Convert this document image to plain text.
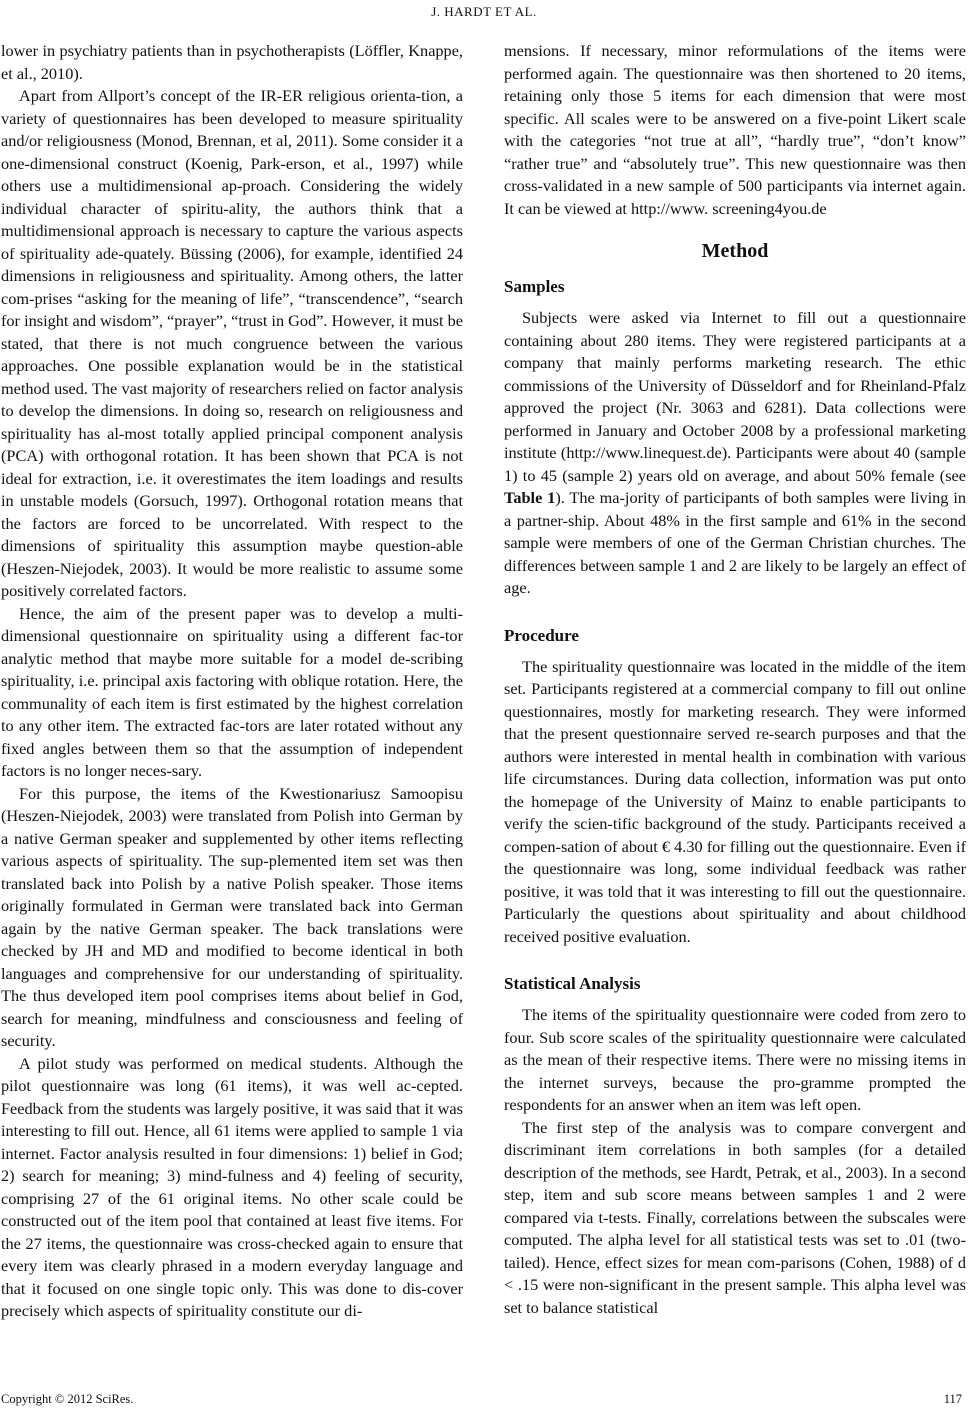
J. HARDT ET AL.

lower in psychiatry patients than in psychotherapists (Löffler, Knappe, et al., 2010).

Apart from Allport’s concept of the IR-ER religious orienta-tion, a variety of questionnaires has been developed to measure spirituality and/or religiousness (Monod, Brennan, et al, 2011). Some consider it a one-dimensional construct (Koenig, Park-erson, et al., 1997) while others use a multidimensional ap-proach. Considering the widely individual character of spiritu-ality, the authors think that a multidimensional approach is necessary to capture the various aspects of spirituality ade-quately. Büssing (2006), for example, identified 24 dimensions in religiousness and spirituality. Among others, the latter com-prises “asking for the meaning of life”, “transcendence”, “search for insight and wisdom”, “prayer”, “trust in God”. However, it must be stated, that there is not much congruence between the various approaches. One possible explanation would be in the statistical method used. The vast majority of researchers relied on factor analysis to develop the dimensions. In doing so, research on religiousness and spirituality has al-most totally applied principal component analysis (PCA) with orthogonal rotation. It has been shown that PCA is not ideal for extraction, i.e. it overestimates the item loadings and results in unstable models (Gorsuch, 1997). Orthogonal rotation means that the factors are forced to be uncorrelated. With respect to the dimensions of spirituality this assumption maybe question-able (Heszen-Niejodek, 2003). It would be more realistic to assume some positively correlated factors.

Hence, the aim of the present paper was to develop a multi-dimensional questionnaire on spirituality using a different fac-tor analytic method that maybe more suitable for a model de-scribing spirituality, i.e. principal axis factoring with oblique rotation. Here, the communality of each item is first estimated by the highest correlation to any other item. The extracted fac-tors are later rotated without any fixed angles between them so that the assumption of independent factors is no longer neces-sary.

For this purpose, the items of the Kwestionariusz Samoopisu (Heszen-Niejodek, 2003) were translated from Polish into German by a native German speaker and supplemented by other items reflecting various aspects of spirituality. The sup-plemented item set was then translated back into Polish by a native Polish speaker. Those items originally formulated in German were translated back into German again by the native German speaker. The back translations were checked by JH and MD and modified to become identical in both languages and comprehensive for our understanding of spirituality. The thus developed item pool comprises items about belief in God, search for meaning, mindfulness and consciousness and feeling of security.

A pilot study was performed on medical students. Although the pilot questionnaire was long (61 items), it was well ac-cepted. Feedback from the students was largely positive, it was said that it was interesting to fill out. Hence, all 61 items were applied to sample 1 via internet. Factor analysis resulted in four dimensions: 1) belief in God; 2) search for meaning; 3) mind-fulness and 4) feeling of security, comprising 27 of the 61 original items. No other scale could be constructed out of the item pool that contained at least five items. For the 27 items, the questionnaire was cross-checked again to ensure that every item was clearly phrased in a modern everyday language and that it focused on one single topic only. This was done to dis-cover precisely which aspects of spirituality constitute our di-

mensions. If necessary, minor reformulations of the items were performed again. The questionnaire was then shortened to 20 items, retaining only those 5 items for each dimension that were most specific. All scales were to be answered on a five-point Likert scale with the categories “not true at all”, “hardly true”, “don’t know” “rather true” and “absolutely true”. This new questionnaire was then cross-validated in a new sample of 500 participants via internet again. It can be viewed at http://www. screening4you.de

Method
Samples

Subjects were asked via Internet to fill out a questionnaire containing about 280 items. They were registered participants at a company that mainly performs marketing research. The ethic commissions of the University of Düsseldorf and for Rheinland-Pfalz approved the project (Nr. 3063 and 6281). Data collections were performed in January and October 2008 by a professional marketing institute (http://www.linequest.de). Participants were about 40 (sample 1) to 45 (sample 2) years old on average, and about 50% female (see Table 1). The ma-jority of participants of both samples were living in a partner-ship. About 48% in the first sample and 61% in the second sample were members of one of the German Christian churches. The differences between sample 1 and 2 are likely to be largely an effect of age.

Procedure

The spirituality questionnaire was located in the middle of the item set. Participants registered at a commercial company to fill out online questionnaires, mostly for marketing research. They were informed that the present questionnaire served re-search purposes and that the authors were interested in mental health in combination with various life circumstances. During data collection, information was put onto the homepage of the University of Mainz to enable participants to verify the scien-tific background of the study. Participants received a compen-sation of about € 4.30 for filling out the questionnaire. Even if the questionnaire was long, some individual feedback was rather positive, it was told that it was interesting to fill out the questionnaire. Particularly the questions about spirituality and about childhood received positive evaluation.

Statistical Analysis

The items of the spirituality questionnaire were coded from zero to four. Sub score scales of the spirituality questionnaire were calculated as the mean of their respective items. There were no missing items in the internet surveys, because the pro-gramme prompted the respondents for an answer when an item was left open.

The first step of the analysis was to compare convergent and discriminant item correlations in both samples (for a detailed description of the methods, see Hardt, Petrak, et al., 2003). In a second step, item and sub score means between samples 1 and 2 were compared via t-tests. Finally, correlations between the subscales were computed. The alpha level for all statistical tests was set to .01 (two-tailed). Hence, effect sizes for mean com-parisons (Cohen, 1988) of d < .15 were non-significant in the present sample. This alpha level was set to balance statistical

Copyright © 2012 SciRes.	117
